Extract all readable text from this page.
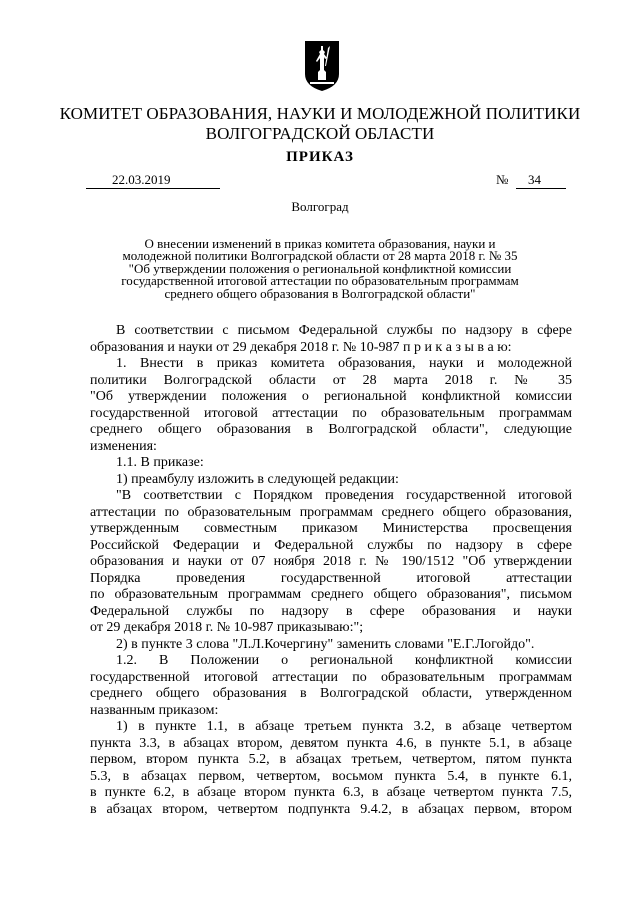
КОМИТЕТ ОБРАЗОВАНИЯ, НАУКИ И МОЛОДЕЖНОЙ ПОЛИТИКИ
ВОЛГОГРАДСКОЙ ОБЛАСТИ
ПРИКАЗ
22.03.2019	№ 34
Волгоград
О внесении изменений в приказ комитета образования, науки и
молодежной политики Волгоградской области от 28 марта 2018 г. № 35
"Об утверждении положения о региональной конфликтной комиссии
государственной итоговой аттестации по образовательным программам
среднего общего образования в Волгоградской области"

В соответствии с письмом Федеральной службы по надзору в сфере

образования и науки от 29 декабря 2018 г. № 10-987 п р и к а з ы в а ю:

1. Внести в приказ комитета образования, науки и молодежной

политики Волгоградской области от 28 марта 2018 г. № 35

"Об утверждении положения о региональной конфликтной комиссии

государственной итоговой аттестации по образовательным программам

среднего общего образования в Волгоградской области", следующие

изменения:

1.1. В приказе:

1) преамбулу изложить в следующей редакции:

"В соответствии с Порядком проведения государственной итоговой

аттестации по образовательным программам среднего общего образования,

утвержденным совместным приказом Министерства просвещения

Российской Федерации и Федеральной службы по надзору в сфере

образования и науки от 07 ноября 2018 г. № 190/1512 "Об утверждении

Порядка проведения государственной итоговой аттестации

по образовательным программам среднего общего образования", письмом

Федеральной службы по надзору в сфере образования и науки

от 29 декабря 2018 г. № 10-987 приказываю:";

2) в пункте 3 слова "Л.Л.Кочергину" заменить словами "Е.Г.Логойдо".

1.2. В Положении о региональной конфликтной комиссии

государственной итоговой аттестации по образовательным программам

среднего общего образования в Волгоградской области, утвержденном

названным приказом:

1) в пункте 1.1, в абзаце третьем пункта 3.2, в абзаце четвертом

пункта 3.3, в абзацах втором, девятом пункта 4.6, в пункте 5.1, в абзаце

первом, втором пункта 5.2, в абзацах третьем, четвертом, пятом пункта

5.3, в абзацах первом, четвертом, восьмом пункта 5.4, в пункте 6.1,

в пункте 6.2, в абзаце втором пункта 6.3, в абзаце четвертом пункта 7.5,

в абзацах втором, четвертом подпункта 9.4.2, в абзацах первом, втором
